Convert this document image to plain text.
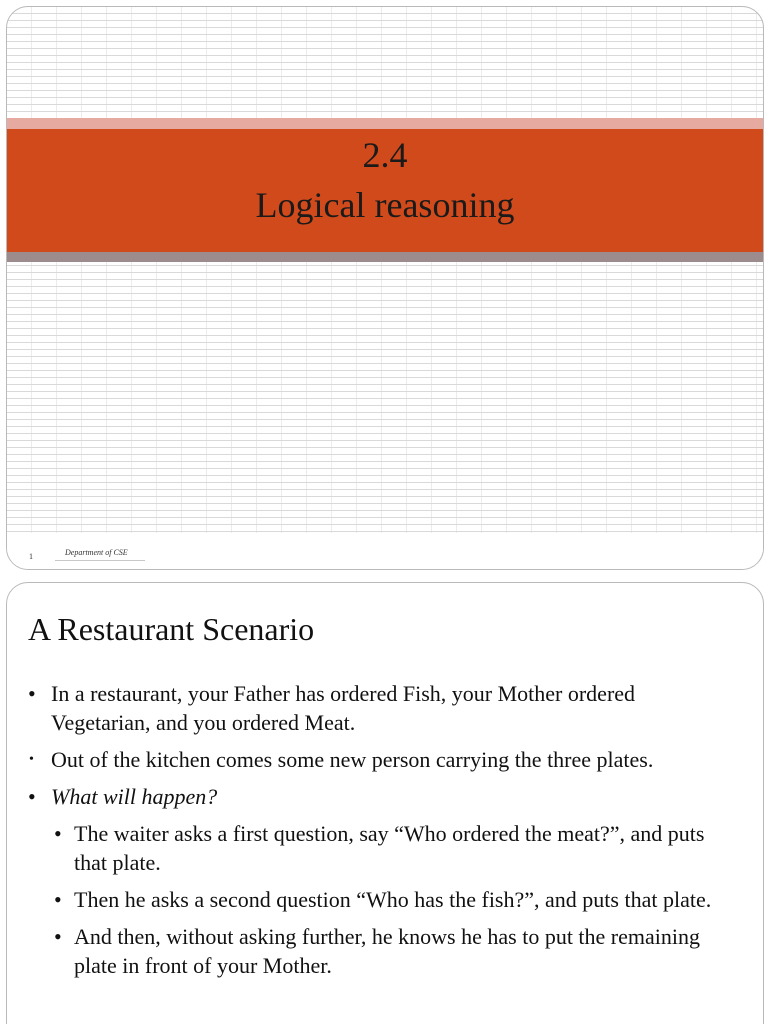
2.4
Logical reasoning
1	Department of CSE
A Restaurant Scenario
• In a restaurant, your Father has ordered Fish, your Mother ordered Vegetarian, and you ordered Meat.
• Out of the kitchen comes some new person carrying the three plates.
• What will happen?
• The waiter asks a first question, say “Who ordered the meat?”, and puts that plate.
• Then he asks a second question “Who has the fish?”, and puts that plate.
• And then, without asking further, he knows he has to put the remaining plate in front of your Mother.
